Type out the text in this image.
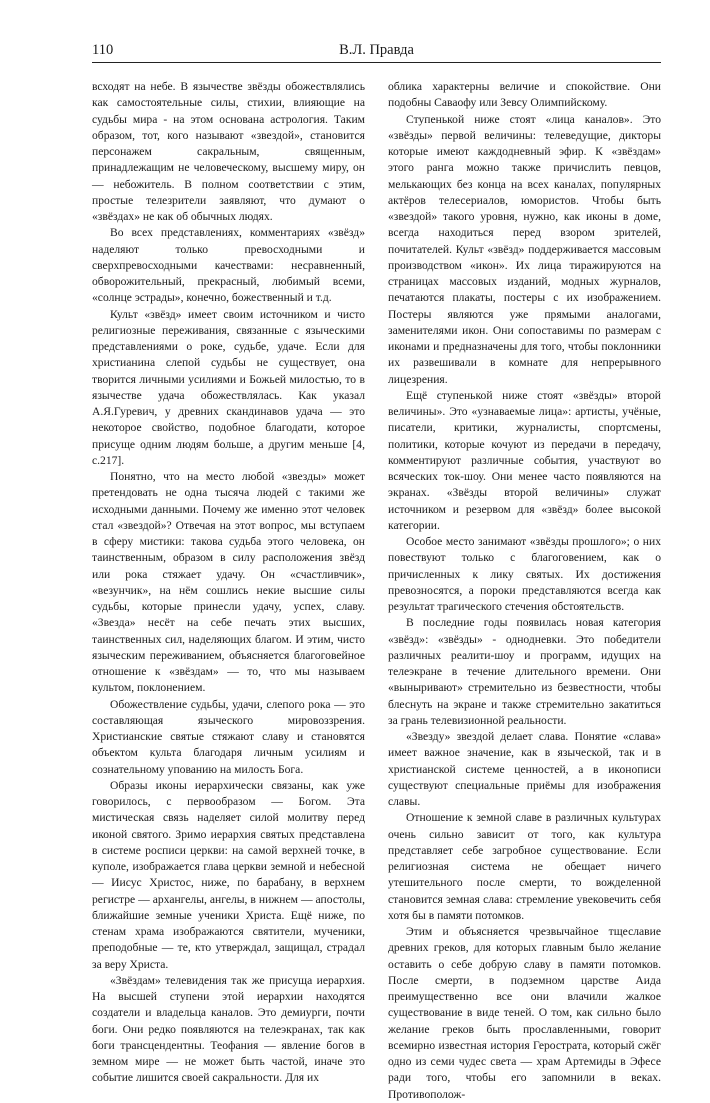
110	В.Л. Правда

всходят на небе. В язычестве звёзды обожествлялись как самостоятельные силы, стихии, влияющие на судьбы мира - на этом основана астрология. Таким образом, тот, кого называют «звездой», становится персонажем сакральным, священным, принадлежащим не человеческому, высшему миру, он — небожитель. В полном соответствии с этим, простые телезрители заявляют, что думают о «звёздах» не как об обычных людях.

Во всех представлениях, комментариях «звёзд» наделяют только превосходными и сверхпревосходными качествами: несравненный, обворожительный, прекрасный, любимый всеми, «солнце эстрады», конечно, божественный и т.д.

Культ «звёзд» имеет своим источником и чисто религиозные переживания, связанные с языческими представлениями о роке, судьбе, удаче. Если для христианина слепой судьбы не существует, она творится личными усилиями и Божьей милостью, то в язычестве удача обожествлялась. Как указал А.Я.Гуревич, у древних скандинавов удача — это некоторое свойство, подобное благодати, которое присуще одним людям больше, а другим меньше [4, с.217].

Понятно, что на место любой «звезды» может претендовать не одна тысяча людей с такими же исходными данными. Почему же именно этот человек стал «звездой»? Отвечая на этот вопрос, мы вступаем в сферу мистики: такова судьба этого человека, он таинственным, образом в силу расположения звёзд или рока стяжает удачу. Он «счастливчик», «везунчик», на нём сошлись некие высшие силы судьбы, которые принесли удачу, успех, славу. «Звезда» несёт на себе печать этих высших, таинственных сил, наделяющих благом. И этим, чисто языческим переживанием, объясняется благоговейное отношение к «звёздам» — то, что мы называем культом, поклонением.

Обожествление судьбы, удачи, слепого рока — это составляющая языческого мировоззрения. Христианские святые стяжают славу и становятся объектом культа благодаря личным усилиям и сознательному упованию на милость Бога.

Образы иконы иерархически связаны, как уже говорилось, с первообразом — Богом. Эта мистическая связь наделяет силой молитву перед иконой святого. Зримо иерархия святых представлена в системе росписи церкви: на самой верхней точке, в куполе, изображается глава церкви земной и небесной — Иисус Христос, ниже, по барабану, в верхнем регистре — архангелы, ангелы, в нижнем — апостолы, ближайшие земные ученики Христа. Ещё ниже, по стенам храма изображаются святители, мученики, преподобные — те, кто утверждал, защищал, страдал за веру Христа.

«Звёздам» телевидения так же присуща иерархия. На высшей ступени этой иерархии находятся создатели и владельца каналов. Это демиурги, почти боги. Они редко появляются на телеэкранах, так как боги трансцендентны. Теофания — явление богов в земном мире — не может быть частой, иначе это событие лишится своей сакральности. Для их

облика характерны величие и спокойствие. Они подобны Саваофу или Зевсу Олимпийскому.

Ступенькой ниже стоят «лица каналов». Это «звёзды» первой величины: телеведущие, дикторы которые имеют каждодневный эфир. К «звёздам» этого ранга можно также причислить певцов, мелькающих без конца на всех каналах, популярных актёров телесериалов, юмористов. Чтобы быть «звездой» такого уровня, нужно, как иконы в доме, всегда находиться перед взором зрителей, почитателей. Культ «звёзд» поддерживается массовым производством «икон». Их лица тиражируются на страницах массовых изданий, модных журналов, печатаются плакаты, постеры с их изображением. Постеры являются уже прямыми аналогами, заменителями икон. Они сопоставимы по размерам с иконами и предназначены для того, чтобы поклонники их развешивали в комнате для непрерывного лицезрения.

Ещё ступенькой ниже стоят «звёзды» второй величины». Это «узнаваемые лица»: артисты, учёные, писатели, критики, журналисты, спортсмены, политики, которые кочуют из передачи в передачу, комментируют различные события, участвуют во всяческих ток-шоу. Они менее часто появляются на экранах. «Звёзды второй величины» служат источником и резервом для «звёзд» более высокой категории.

Особое место занимают «звёзды прошлого»; о них повествуют только с благоговением, как о причисленных к лику святых. Их достижения превозносятся, а пороки представляются всегда как результат трагического стечения обстоятельств.

В последние годы появилась новая категория «звёзд»: «звёзды» - однодневки. Это победители различных реалити-шоу и программ, идущих на телеэкране в течение длительного времени. Они «выныривают» стремительно из безвестности, чтобы блеснуть на экране и также стремительно закатиться за грань телевизионной реальности.

«Звезду» звездой делает слава. Понятие «слава» имеет важное значение, как в языческой, так и в христианской системе ценностей, а в иконописи существуют специальные приёмы для изображения славы.

Отношение к земной славе в различных культурах очень сильно зависит от того, как культура представляет себе загробное существование. Если религиозная система не обещает ничего утешительного после смерти, то вожделенной становится земная слава: стремление увековечить себя хотя бы в памяти потомков.

Этим и объясняется чрезвычайное тщеславие древних греков, для которых главным было желание оставить о себе добрую славу в памяти потомков. После смерти, в подземном царстве Аида преимущественно все они влачили жалкое существование в виде теней. О том, как сильно было желание греков быть прославленными, говорит всемирно известная история Герострата, который сжёг одно из семи чудес света — храм Артемиды в Эфесе ради того, чтобы его запомнили в веках. Противополож-
